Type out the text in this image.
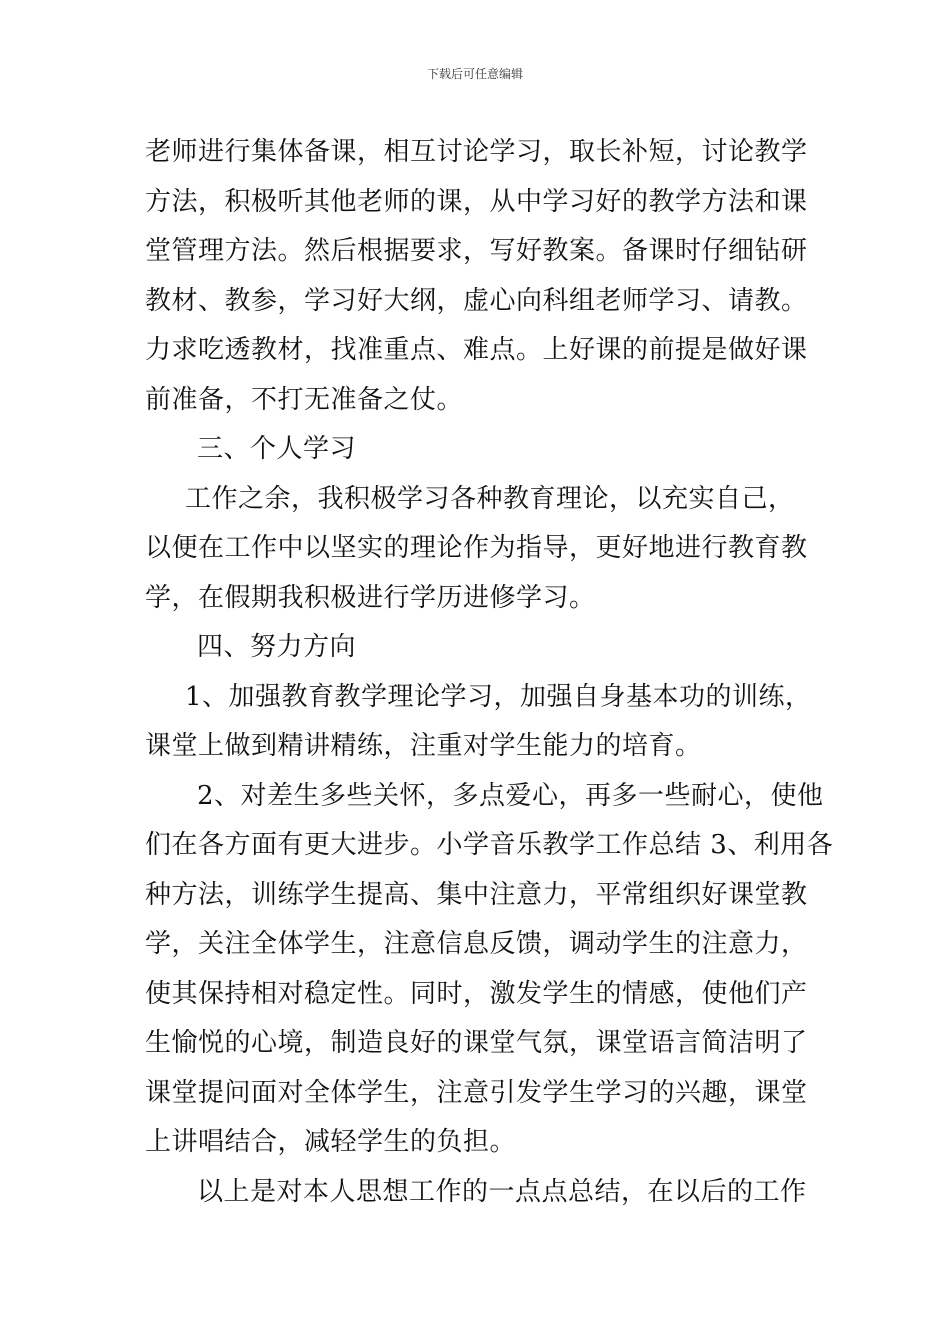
下载后可任意编辑
老师进行集体备课，相互讨论学习，取长补短，讨论教学
方法，积极听其他老师的课，从中学习好的教学方法和课
堂管理方法。然后根据要求，写好教案。备课时仔细钻研
教材、教参，学习好大纲，虚心向科组老师学习、请教。
力求吃透教材，找准重点、难点。上好课的前提是做好课
前准备，不打无准备之仗。
三、个人学习
工作之余，我积极学习各种教育理论，以充实自己，
以便在工作中以坚实的理论作为指导，更好地进行教育教
学，在假期我积极进行学历进修学习。
四、努力方向
1、加强教育教学理论学习，加强自身基本功的训练，
课堂上做到精讲精练，注重对学生能力的培育。
2、对差生多些关怀，多点爱心，再多一些耐心，使他
们在各方面有更大进步。小学音乐教学工作总结 3、利用各
种方法，训练学生提高、集中注意力，平常组织好课堂教
学，关注全体学生，注意信息反馈，调动学生的注意力，
使其保持相对稳定性。同时，激发学生的情感，使他们产
生愉悦的心境，制造良好的课堂气氛，课堂语言简洁明了
课堂提问面对全体学生，注意引发学生学习的兴趣，课堂
上讲唱结合，减轻学生的负担。
以上是对本人思想工作的一点点总结，在以后的工作
